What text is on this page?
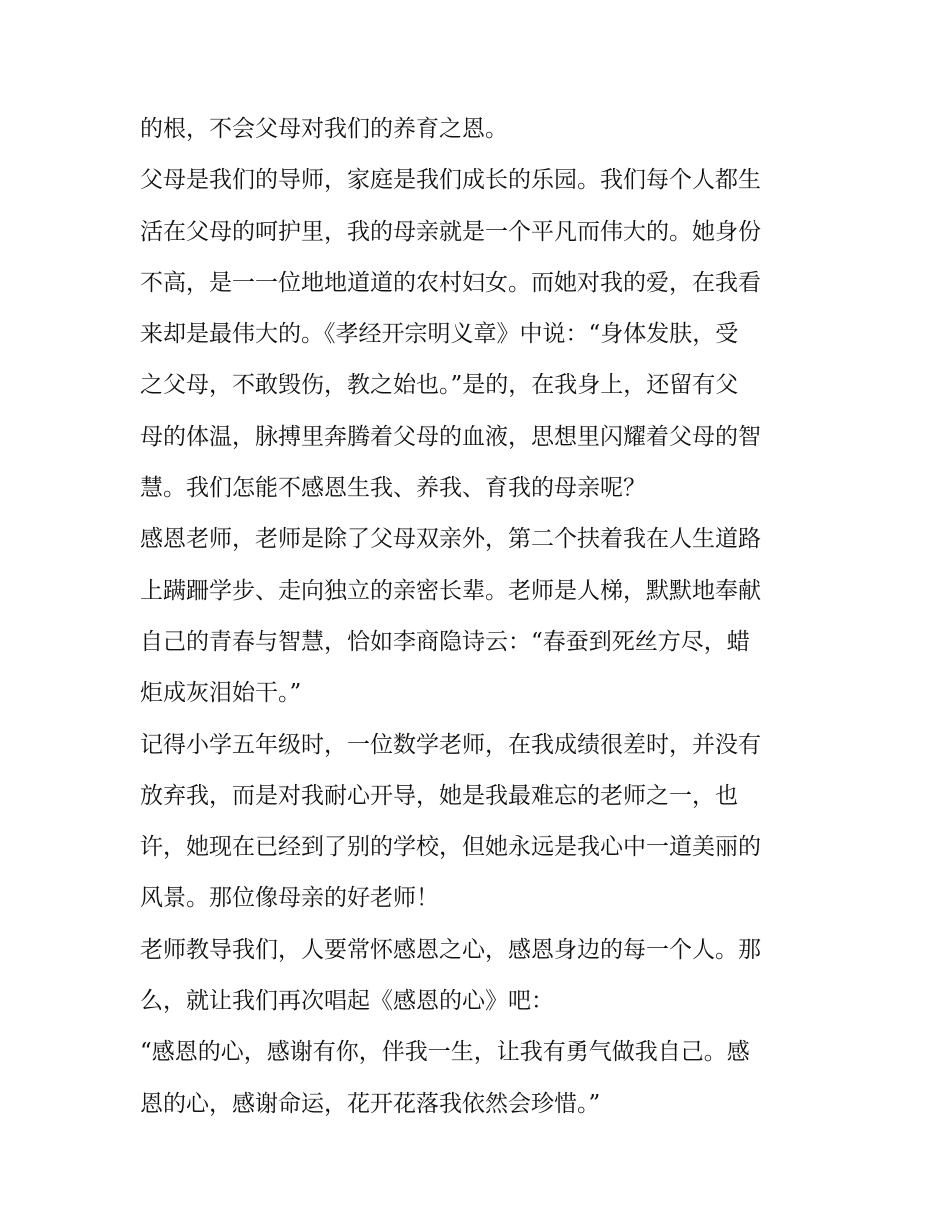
的根，不会父母对我们的养育之恩。
父母是我们的导师，家庭是我们成长的乐园。我们每个人都生
活在父母的呵护里，我的母亲就是一个平凡而伟大的。她身份
不高，是一一位地地道道的农村妇女。而她对我的爱，在我看
来却是最伟大的。《孝经开宗明义章》中说：“身体发肤，受
之父母，不敢毁伤，教之始也。”是的，在我身上，还留有父
母的体温，脉搏里奔腾着父母的血液，思想里闪耀着父母的智
慧。我们怎能不感恩生我、养我、育我的母亲呢？
感恩老师，老师是除了父母双亲外，第二个扶着我在人生道路
上蹒跚学步、走向独立的亲密长辈。老师是人梯，默默地奉献
自己的青春与智慧，恰如李商隐诗云：“春蚕到死丝方尽，蜡
炬成灰泪始干。”
记得小学五年级时，一位数学老师，在我成绩很差时，并没有
放弃我，而是对我耐心开导，她是我最难忘的老师之一，也
许，她现在已经到了别的学校，但她永远是我心中一道美丽的
风景。那位像母亲的好老师！
老师教导我们，人要常怀感恩之心，感恩身边的每一个人。那
么，就让我们再次唱起《感恩的心》吧：
“感恩的心，感谢有你，伴我一生，让我有勇气做我自己。感
恩的心，感谢命运，花开花落我依然会珍惜。”
